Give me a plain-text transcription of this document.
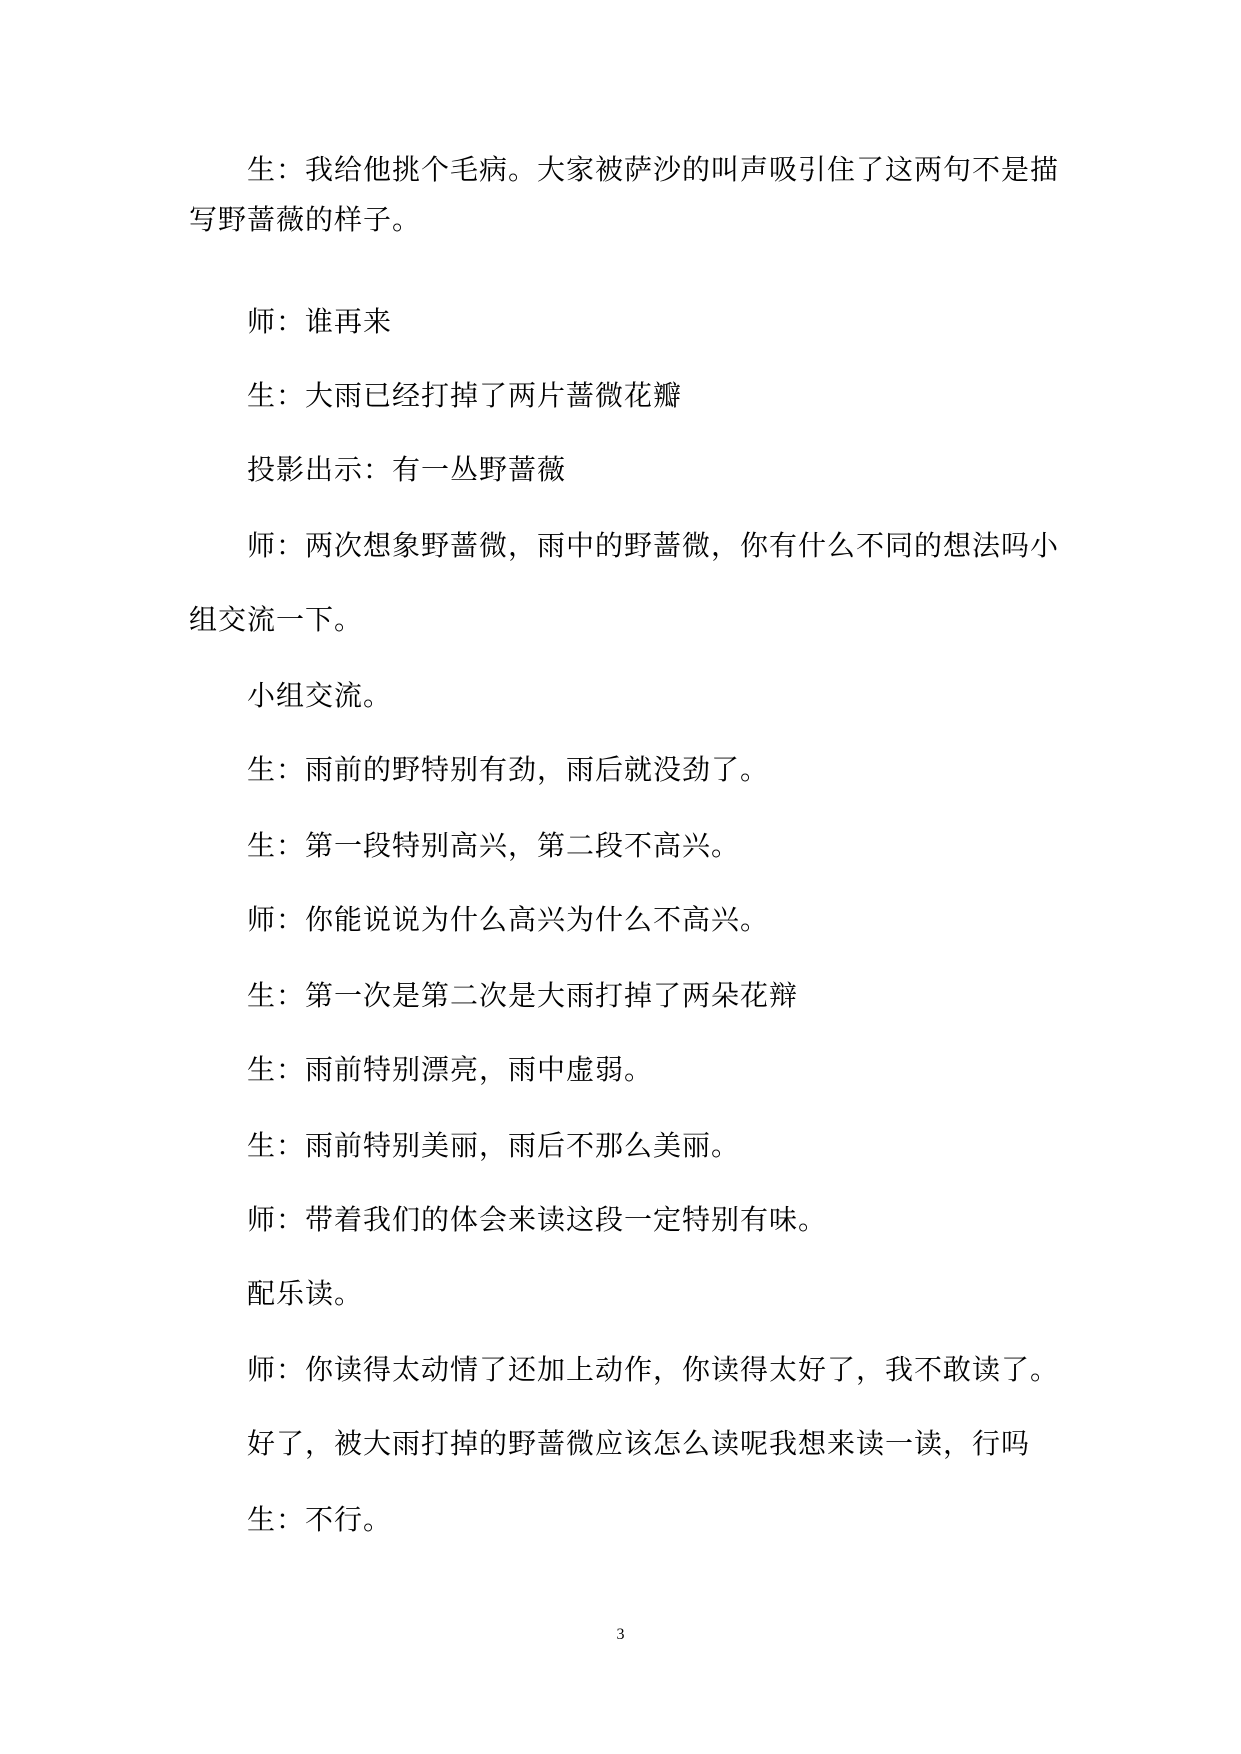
生：我给他挑个毛病。大家被萨沙的叫声吸引住了这两句不是描
写野蔷薇的样子。
师：谁再来
生：大雨已经打掉了两片蔷微花瓣
投影出示：有一丛野蔷薇
师：两次想象野蔷微，雨中的野蔷微，你有什么不同的想法吗小
组交流一下。
小组交流。
生：雨前的野特别有劲，雨后就没劲了。
生：第一段特别高兴，第二段不高兴。
师：你能说说为什么高兴为什么不高兴。
生：第一次是第二次是大雨打掉了两朵花辩
生：雨前特别漂亮，雨中虚弱。
生：雨前特别美丽，雨后不那么美丽。
师：带着我们的体会来读这段一定特别有味。
配乐读。
师：你读得太动情了还加上动作，你读得太好了，我不敢读了。
好了，被大雨打掉的野蔷微应该怎么读呢我想来读一读，行吗
生：不行。
3
